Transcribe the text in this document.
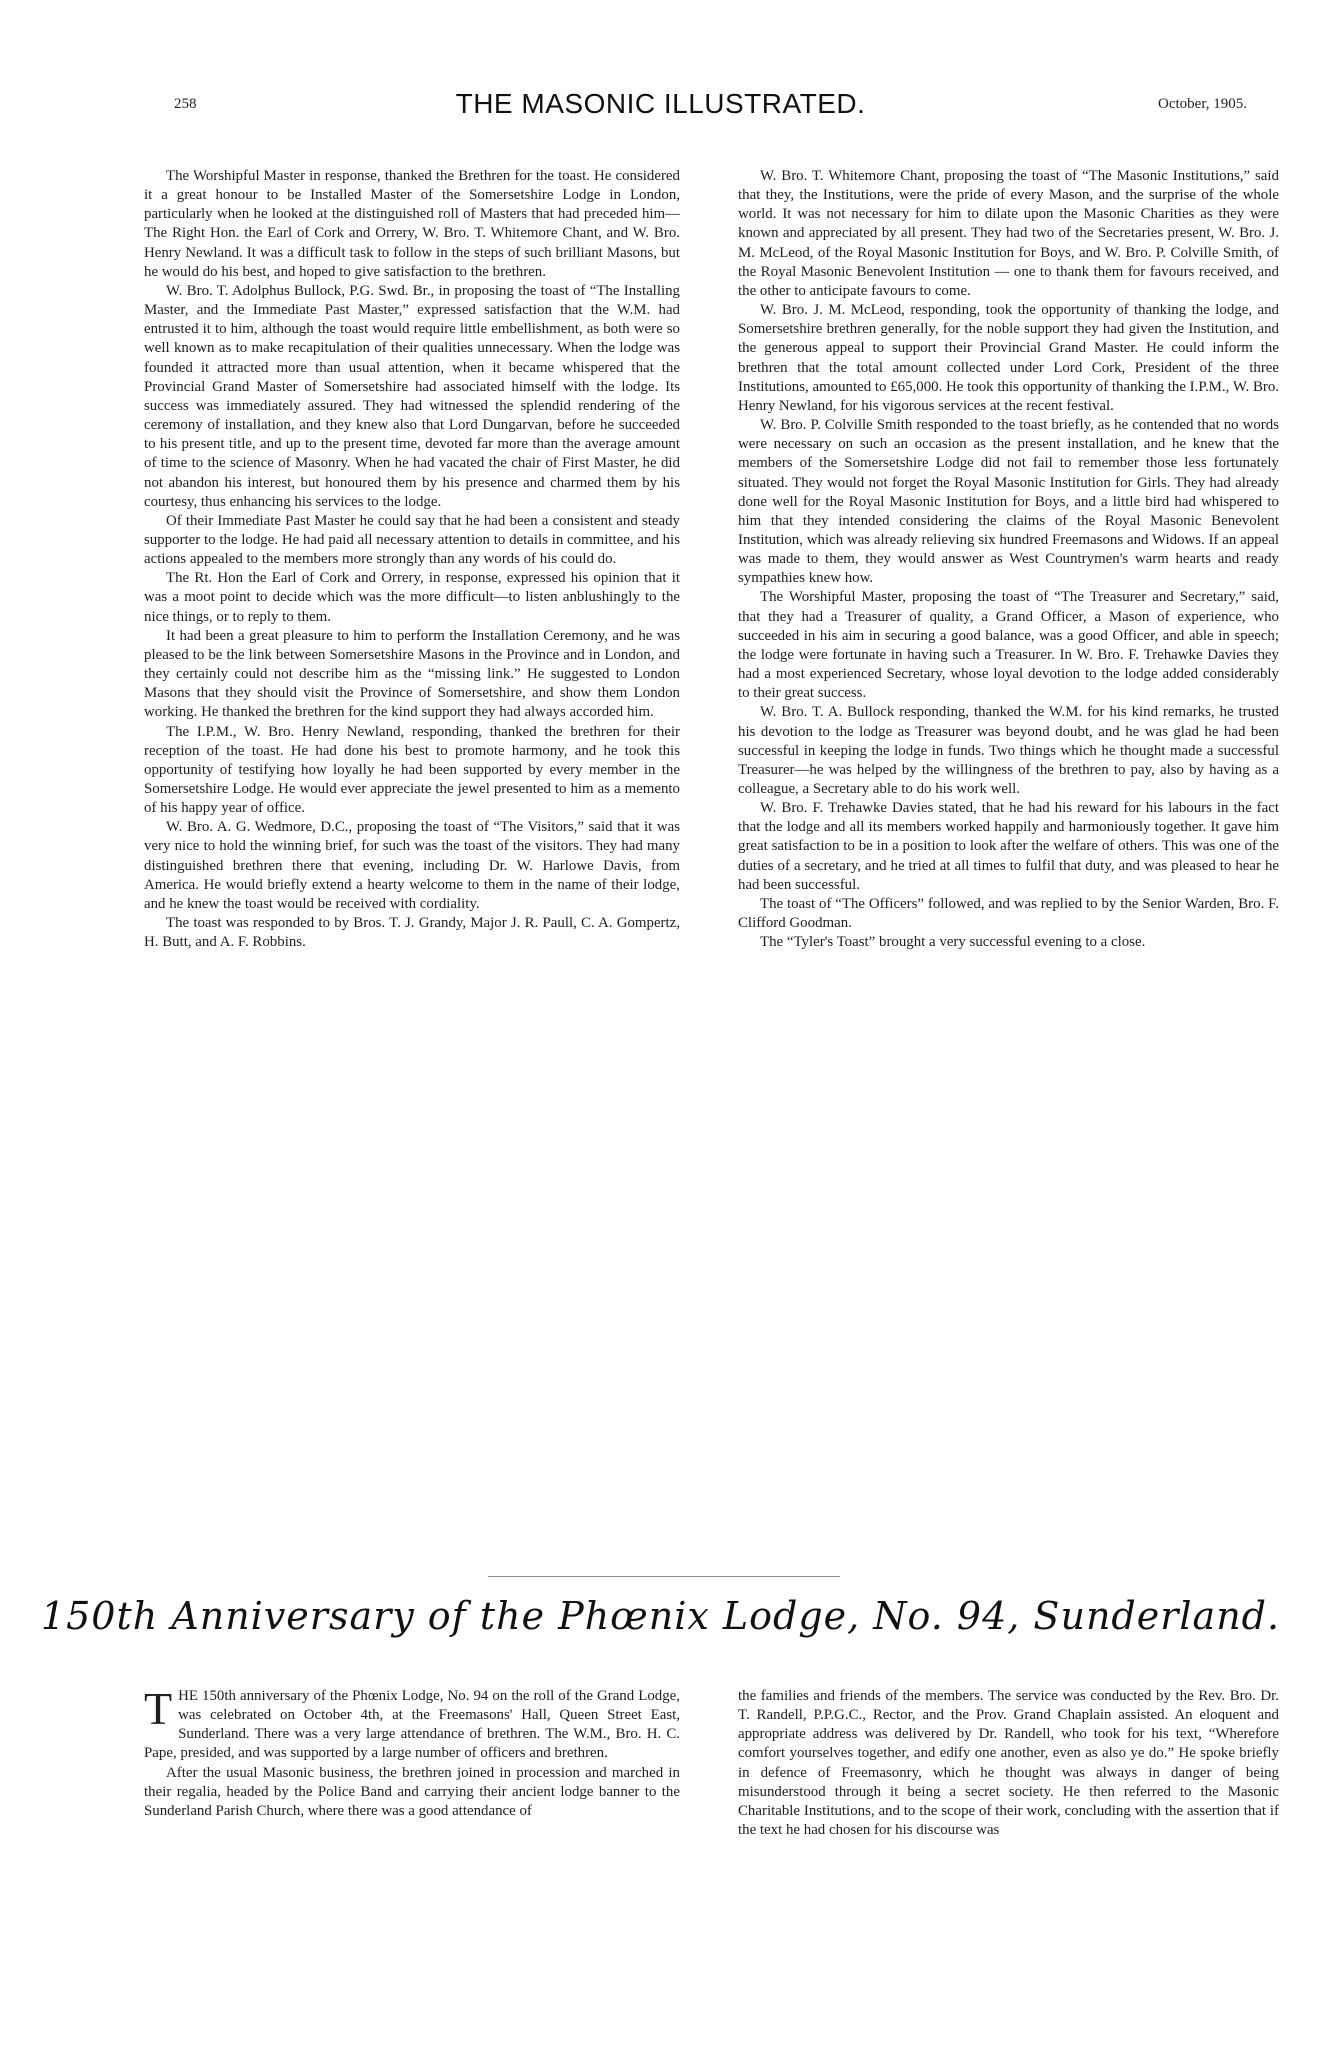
258	THE MASONIC ILLUSTRATED.	October, 1905.

The Worshipful Master in response, thanked the Brethren for the toast. He considered it a great honour to be Installed Master of the Somersetshire Lodge in London, particularly when he looked at the distinguished roll of Masters that had preceded him— The Right Hon. the Earl of Cork and Orrery, W. Bro. T. Whitemore Chant, and W. Bro. Henry Newland. It was a difficult task to follow in the steps of such brilliant Masons, but he would do his best, and hoped to give satisfaction to the brethren.

W. Bro. T. Adolphus Bullock, P.G. Swd. Br., in proposing the toast of “The Installing Master, and the Immediate Past Master,” expressed satisfaction that the W.M. had entrusted it to him, although the toast would require little embellishment, as both were so well known as to make recapitulation of their qualities unnecessary. When the lodge was founded it attracted more than usual attention, when it became whispered that the Provincial Grand Master of Somersetshire had associated himself with the lodge. Its success was immediately assured. They had witnessed the splendid rendering of the ceremony of installation, and they knew also that Lord Dungarvan, before he succeeded to his present title, and up to the present time, devoted far more than the average amount of time to the science of Masonry. When he had vacated the chair of First Master, he did not abandon his interest, but honoured them by his presence and charmed them by his courtesy, thus enhancing his services to the lodge.

Of their Immediate Past Master he could say that he had been a consistent and steady supporter to the lodge. He had paid all necessary attention to details in committee, and his actions appealed to the members more strongly than any words of his could do.

The Rt. Hon the Earl of Cork and Orrery, in response, expressed his opinion that it was a moot point to decide which was the more difficult—to listen anblushingly to the nice things, or to reply to them.

It had been a great pleasure to him to perform the Installation Ceremony, and he was pleased to be the link between Somersetshire Masons in the Province and in London, and they certainly could not describe him as the “missing link.” He suggested to London Masons that they should visit the Province of Somersetshire, and show them London working. He thanked the brethren for the kind support they had always accorded him.

The I.P.M., W. Bro. Henry Newland, responding, thanked the brethren for their reception of the toast. He had done his best to promote harmony, and he took this opportunity of testifying how loyally he had been supported by every member in the Somersetshire Lodge. He would ever appreciate the jewel presented to him as a memento of his happy year of office.

W. Bro. A. G. Wedmore, D.C., proposing the toast of “The Visitors,” said that it was very nice to hold the winning brief, for such was the toast of the visitors. They had many distinguished brethren there that evening, including Dr. W. Harlowe Davis, from America. He would briefly extend a hearty welcome to them in the name of their lodge, and he knew the toast would be received with cordiality.

The toast was responded to by Bros. T. J. Grandy, Major J. R. Paull, C. A. Gompertz, H. Butt, and A. F. Robbins.

W. Bro. T. Whitemore Chant, proposing the toast of “The Masonic Institutions,” said that they, the Institutions, were the pride of every Mason, and the surprise of the whole world. It was not necessary for him to dilate upon the Masonic Charities as they were known and appreciated by all present. They had two of the Secretaries present, W. Bro. J. M. McLeod, of the Royal Masonic Institution for Boys, and W. Bro. P. Colville Smith, of the Royal Masonic Benevolent Institution — one to thank them for favours received, and the other to anticipate favours to come.

W. Bro. J. M. McLeod, responding, took the opportunity of thanking the lodge, and Somersetshire brethren generally, for the noble support they had given the Institution, and the generous appeal to support their Provincial Grand Master. He could inform the brethren that the total amount collected under Lord Cork, President of the three Institutions, amounted to £65,000. He took this opportunity of thanking the I.P.M., W. Bro. Henry Newland, for his vigorous services at the recent festival.

W. Bro. P. Colville Smith responded to the toast briefly, as he contended that no words were necessary on such an occasion as the present installation, and he knew that the members of the Somersetshire Lodge did not fail to remember those less fortunately situated. They would not forget the Royal Masonic Institution for Girls. They had already done well for the Royal Masonic Institution for Boys, and a little bird had whispered to him that they intended considering the claims of the Royal Masonic Benevolent Institution, which was already relieving six hundred Freemasons and Widows. If an appeal was made to them, they would answer as West Countrymen's warm hearts and ready sympathies knew how.

The Worshipful Master, proposing the toast of “The Treasurer and Secretary,” said, that they had a Treasurer of quality, a Grand Officer, a Mason of experience, who succeeded in his aim in securing a good balance, was a good Officer, and able in speech; the lodge were fortunate in having such a Treasurer. In W. Bro. F. Trehawke Davies they had a most experienced Secretary, whose loyal devotion to the lodge added considerably to their great success.

W. Bro. T. A. Bullock responding, thanked the W.M. for his kind remarks, he trusted his devotion to the lodge as Treasurer was beyond doubt, and he was glad he had been successful in keeping the lodge in funds. Two things which he thought made a successful Treasurer—he was helped by the willingness of the brethren to pay, also by having as a colleague, a Secretary able to do his work well.

W. Bro. F. Trehawke Davies stated, that he had his reward for his labours in the fact that the lodge and all its members worked happily and harmoniously together. It gave him great satisfaction to be in a position to look after the welfare of others. This was one of the duties of a secretary, and he tried at all times to fulfil that duty, and was pleased to hear he had been successful.

The toast of “The Officers” followed, and was replied to by the Senior Warden, Bro. F. Clifford Goodman.

The “Tyler's Toast” brought a very successful evening to a close.

150th Anniversary of the Phœnix Lodge, No. 94, Sunderland.

THE 150th anniversary of the Phœnix Lodge, No. 94 on the roll of the Grand Lodge, was celebrated on October 4th, at the Freemasons' Hall, Queen Street East, Sunderland. There was a very large attendance of brethren. The W.M., Bro. H. C. Pape, presided, and was supported by a large number of officers and brethren.

After the usual Masonic business, the brethren joined in procession and marched in their regalia, headed by the Police Band and carrying their ancient lodge banner to the Sunderland Parish Church, where there was a good attendance of

the families and friends of the members. The service was conducted by the Rev. Bro. Dr. T. Randell, P.P.G.C., Rector, and the Prov. Grand Chaplain assisted. An eloquent and appropriate address was delivered by Dr. Randell, who took for his text, “Wherefore comfort yourselves together, and edify one another, even as also ye do.” He spoke briefly in defence of Freemasonry, which he thought was always in danger of being misunderstood through it being a secret society. He then referred to the Masonic Charitable Institutions, and to the scope of their work, concluding with the assertion that if the text he had chosen for his discourse was
